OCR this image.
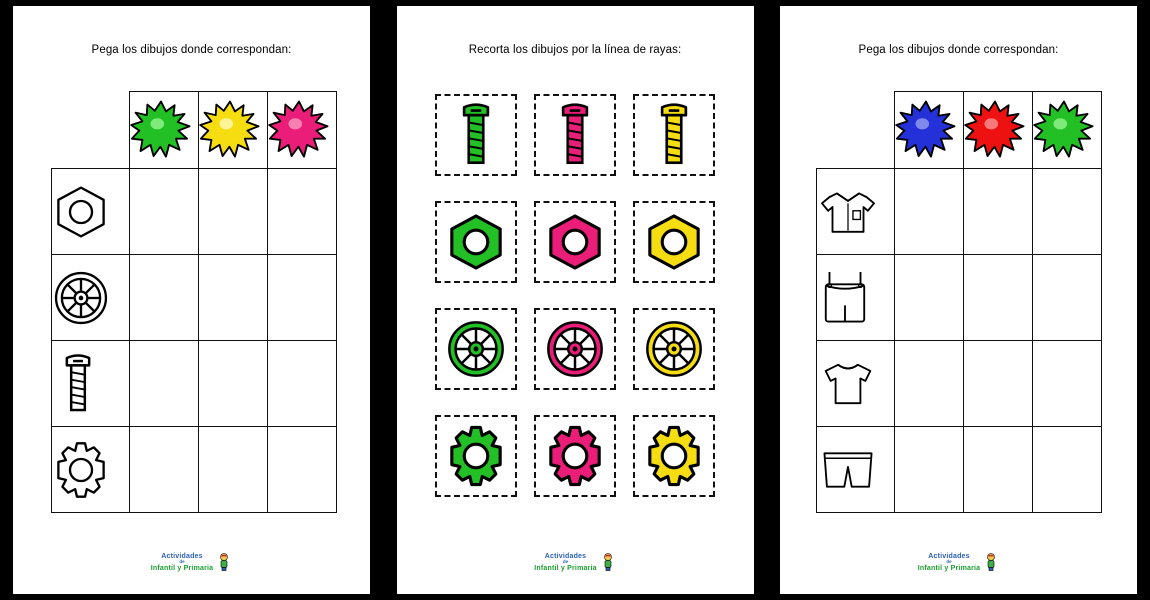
Pega los dibujos donde correspondan:

Actividades
de
Infantil y Primaria
Recorta los dibujos por la línea de rayas:
Actividades
de
Infantil y Primaria
Pega los dibujos donde correspondan:

Actividades
de
Infantil y Primaria
